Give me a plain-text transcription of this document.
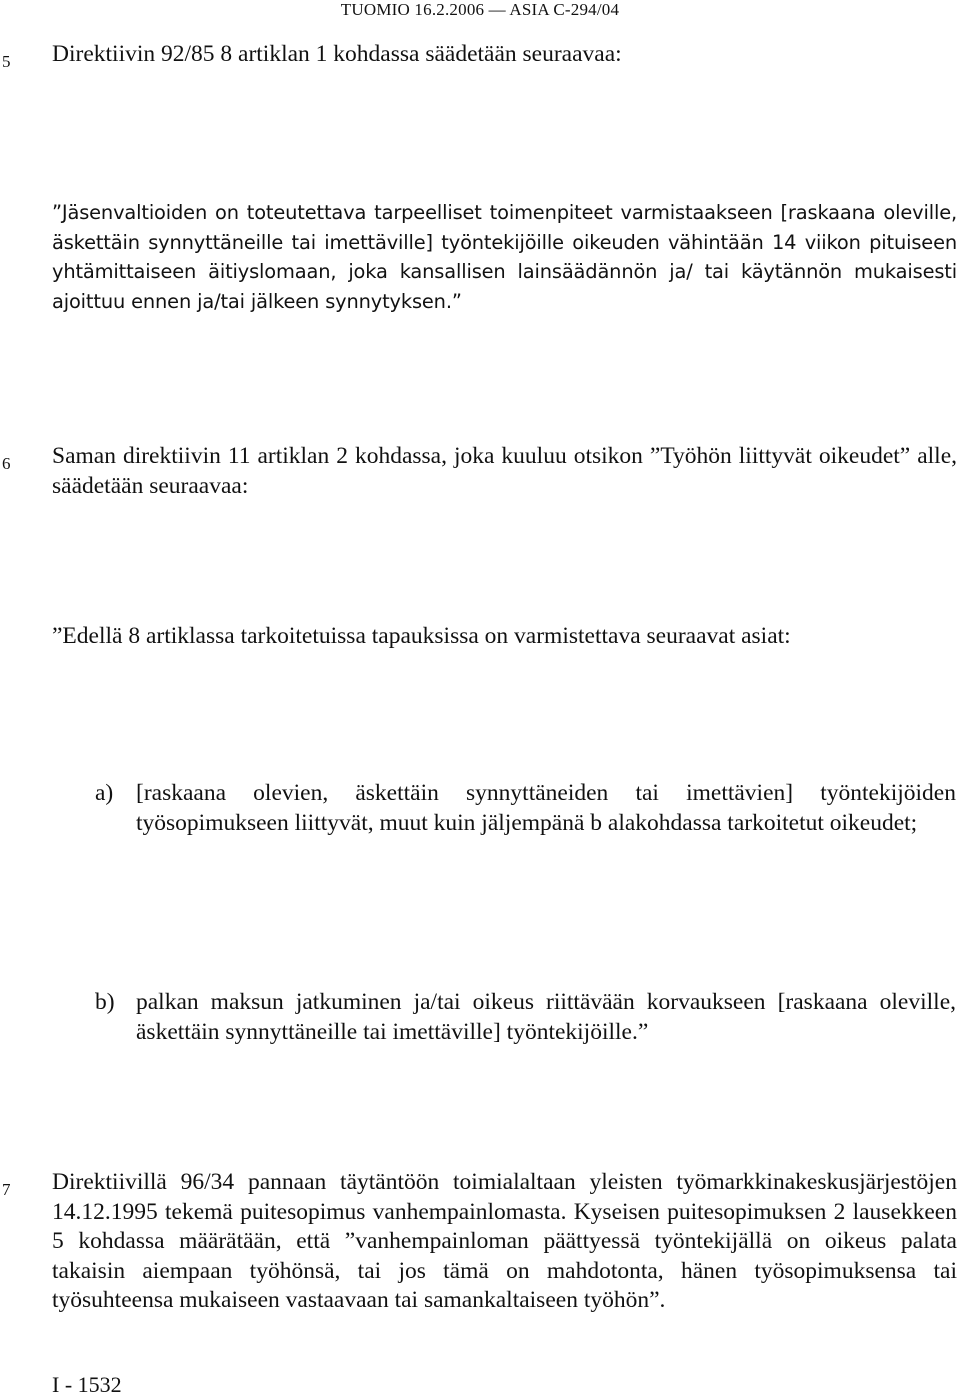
TUOMIO 16.2.2006 — ASIA C-294/04
5 Direktiivin 92/85 8 artiklan 1 kohdassa säädetään seuraavaa:
”Jäsenvaltioiden on toteutettava tarpeelliset toimenpiteet varmistaakseen [raskaana oleville, äskettäin synnyttäneille tai imettäville] työntekijöille oikeuden vähintään 14 viikon pituiseen yhtämittaiseen äitiyslomaan, joka kansallisen lainsäädännön ja/ tai käytännön mukaisesti ajoittuu ennen ja/tai jälkeen synnytyksen.”
6 Saman direktiivin 11 artiklan 2 kohdassa, joka kuuluu otsikon ”Työhön liittyvät oikeudet” alle, säädetään seuraavaa:
”Edellä 8 artiklassa tarkoitetuissa tapauksissa on varmistettava seuraavat asiat:
a) [raskaana olevien, äskettäin synnyttäneiden tai imettävien] työntekijöiden työsopimukseen liittyvät, muut kuin jäljempänä b alakohdassa tarkoitetut oikeudet;
b) palkan maksun jatkuminen ja/tai oikeus riittävään korvaukseen [raskaana oleville, äskettäin synnyttäneille tai imettäville] työntekijöille.”
7 Direktiivillä 96/34 pannaan täytäntöön toimialaltaan yleisten työmarkkinakeskusjärjestöjen 14.12.1995 tekemä puitesopimus vanhempainlomasta. Kyseisen puitesopimuksen 2 lausekkeen 5 kohdassa määrätään, että ”vanhempainloman päättyessä työntekijällä on oikeus palata takaisin aiempaan työhönsä, tai jos tämä on mahdotonta, hänen työsopimuksensa tai työsuhteensa mukaiseen vastaavaan tai samankaltaiseen työhön”.
I - 1532
